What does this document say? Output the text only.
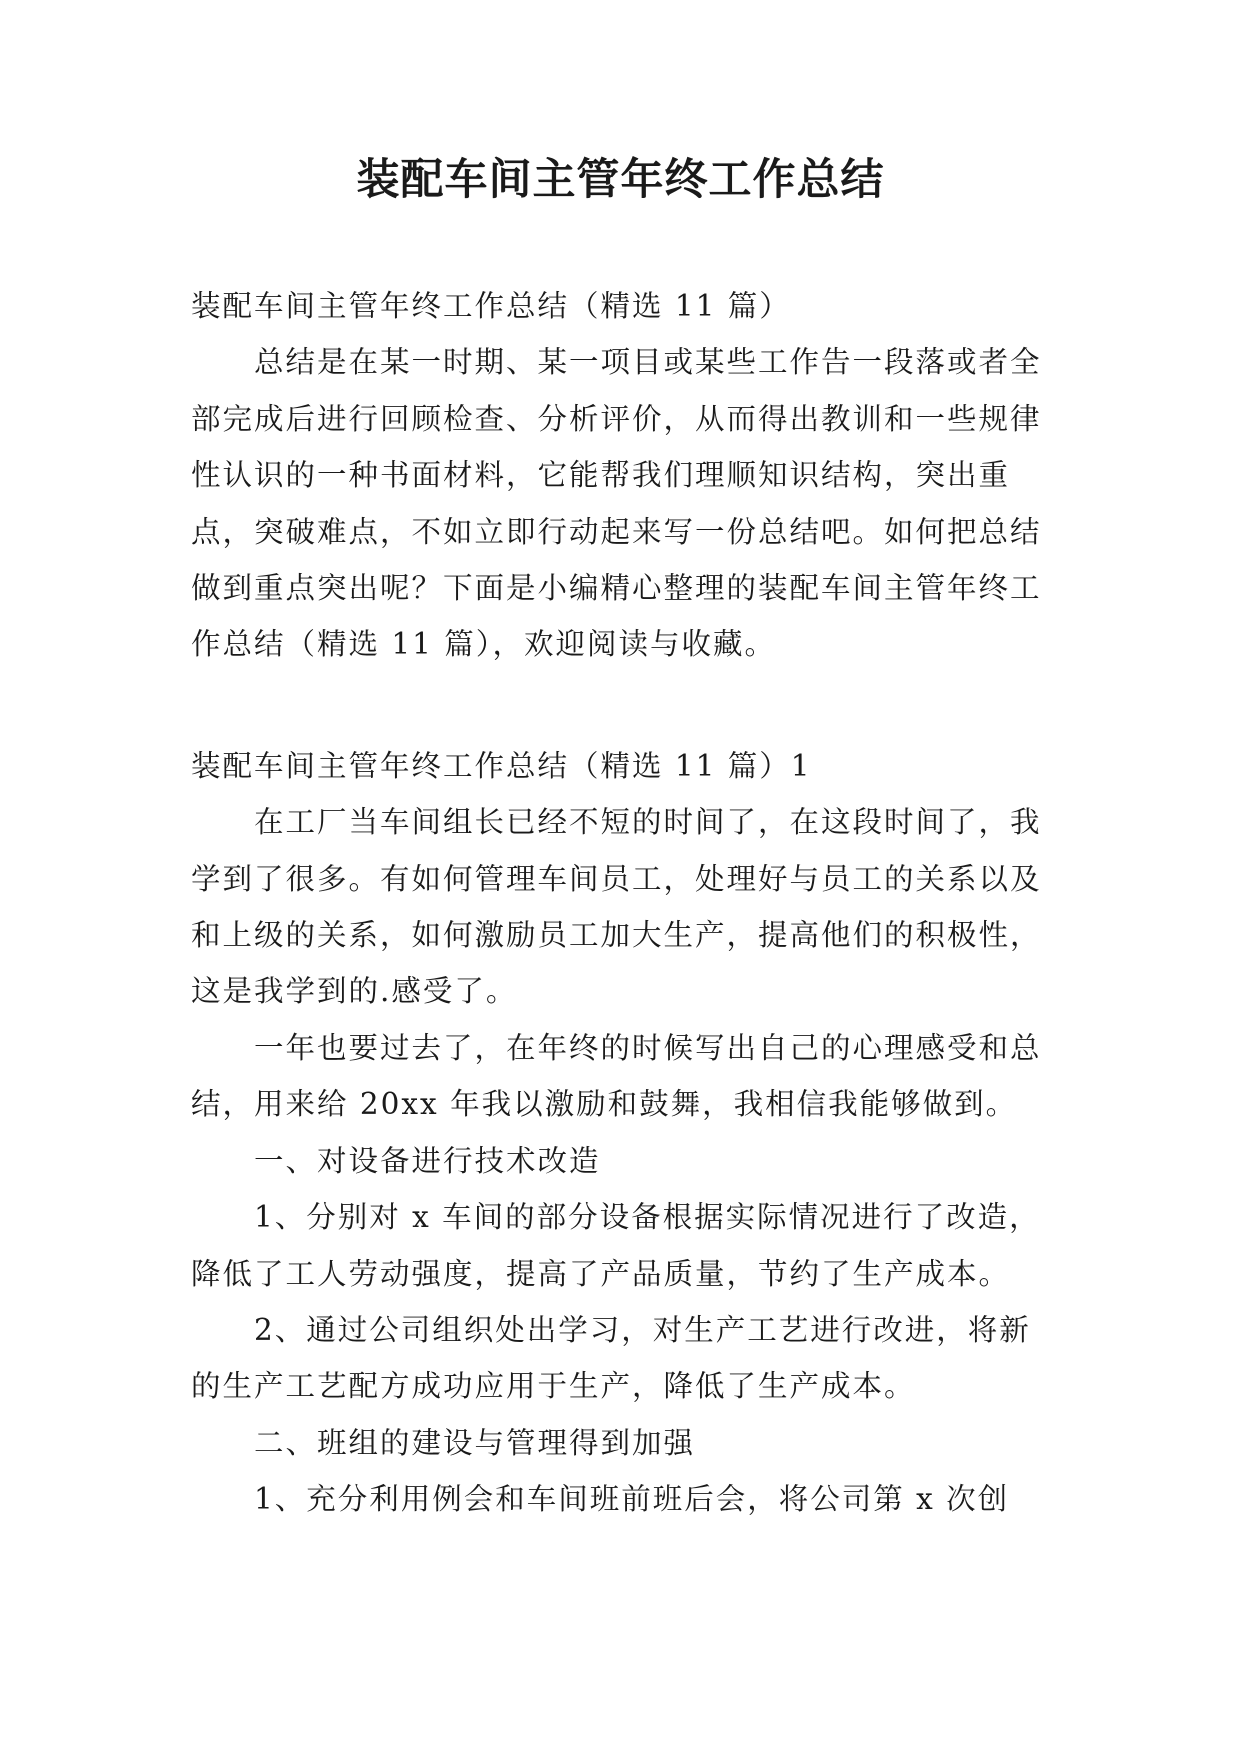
装配车间主管年终工作总结

装配车间主管年终工作总结（精选 11 篇）

总结是在某一时期、某一项目或某些工作告一段落或者全部完成后进行回顾检查、分析评价，从而得出教训和一些规律性认识的一种书面材料，它能帮我们理顺知识结构，突出重点，突破难点，不如立即行动起来写一份总结吧。如何把总结做到重点突出呢？下面是小编精心整理的装配车间主管年终工作总结（精选 11 篇），欢迎阅读与收藏。

装配车间主管年终工作总结（精选 11 篇）1

在工厂当车间组长已经不短的时间了，在这段时间了，我学到了很多。有如何管理车间员工，处理好与员工的关系以及和上级的关系，如何激励员工加大生产，提高他们的积极性，这是我学到的.感受了。

一年也要过去了，在年终的时候写出自己的心理感受和总结，用来给 20xx 年我以激励和鼓舞，我相信我能够做到。

一、对设备进行技术改造

1、分别对 x 车间的部分设备根据实际情况进行了改造，降低了工人劳动强度，提高了产品质量，节约了生产成本。

2、通过公司组织处出学习，对生产工艺进行改进，将新的生产工艺配方成功应用于生产，降低了生产成本。

二、班组的建设与管理得到加强

1、充分利用例会和车间班前班后会，将公司第 x 次创
